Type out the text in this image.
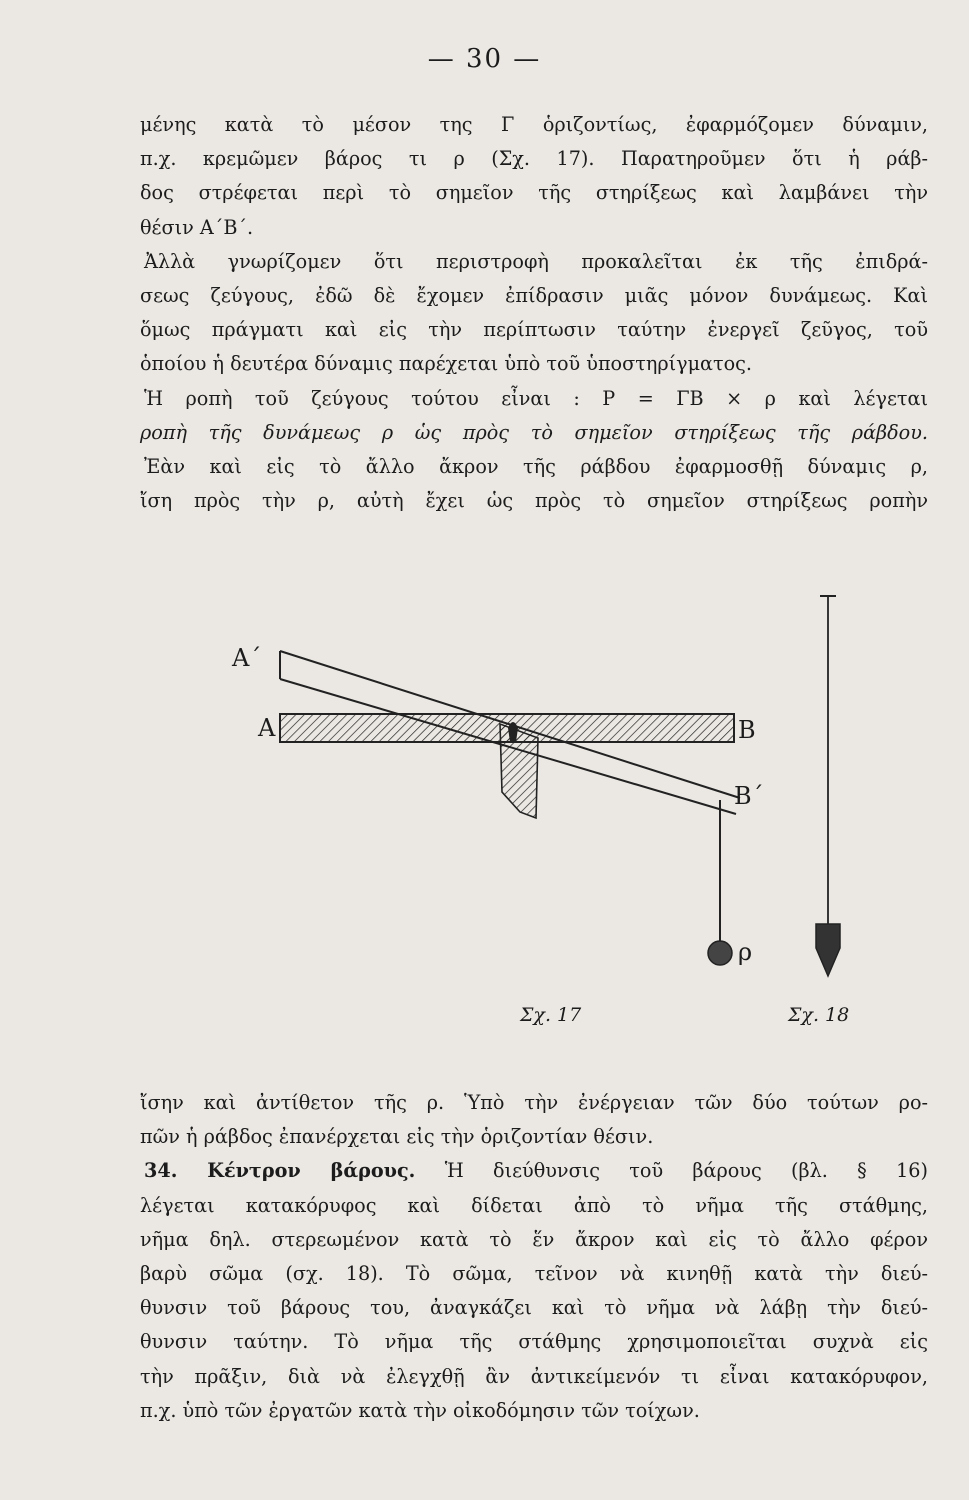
— 30 —
μένης κατὰ τὸ μέσον της Γ ὁριζοντίως, ἐφαρμόζομεν δύναμιν,
π.χ. κρεμῶμεν βάρος τι ρ (Σχ. 17). Παρατηροῦμεν ὅτι ἡ ράβ-
δος στρέφεται περὶ τὸ σημεῖον τῆς στηρίξεως καὶ λαμβάνει τὴν
θέσιν Α΄Β΄.
Ἀλλὰ γνωρίζομεν ὅτι περιστροφὴ προκαλεῖται ἐκ τῆς ἐπιδρά-
σεως ζεύγους, ἐδῶ δὲ ἔχομεν ἐπίδρασιν μιᾶς μόνον δυνάμεως. Καὶ
ὅμως πράγματι καὶ εἰς τὴν περίπτωσιν ταύτην ἐνεργεῖ ζεῦγος, τοῦ
ὁποίου ἡ δευτέρα δύναμις παρέχεται ὑπὸ τοῦ ὑποστηρίγματος.
Ἡ ροπὴ τοῦ ζεύγους τούτου εἶναι : Ρ = ΓΒ × ρ καὶ λέγεται
ροπὴ τῆς δυνάμεως ρ ὡς πρὸς τὸ σημεῖον στηρίξεως τῆς ράβδου.
Ἐὰν καὶ εἰς τὸ ἄλλο ἄκρον τῆς ράβδου ἐφαρμοσθῇ δύναμις ρ,
ἴση πρὸς τὴν ρ, αὐτὴ ἔχει ὡς πρὸς τὸ σημεῖον στηρίξεως ροπὴν
Α΄
Α	Β
Β΄
ρ
Σχ. 17	Σχ. 18
ἴσην καὶ ἀντίθετον τῆς ρ. Ὑπὸ τὴν ἐνέργειαν τῶν δύο τούτων ρο-
πῶν ἡ ράβδος ἐπανέρχεται εἰς τὴν ὁριζοντίαν θέσιν.
34. Κέντρον βάρους. Ἡ διεύθυνσις τοῦ βάρους (βλ. § 16)
λέγεται κατακόρυφος καὶ δίδεται ἀπὸ τὸ νῆμα τῆς στάθμης,
νῆμα δηλ. στερεωμένον κατὰ τὸ ἕν ἄκρον καὶ εἰς τὸ ἄλλο φέρον
βαρὺ σῶμα (σχ. 18). Τὸ σῶμα, τεῖνον νὰ κινηθῇ κατὰ τὴν διεύ-
θυνσιν τοῦ βάρους του, ἀναγκάζει καὶ τὸ νῆμα νὰ λάβῃ τὴν διεύ-
θυνσιν ταύτην. Τὸ νῆμα τῆς στάθμης χρησιμοποιεῖται συχνὰ εἰς
τὴν πρᾶξιν, διὰ νὰ ἐλεγχθῇ ἂν ἀντικείμενόν τι εἶναι κατακόρυφον,
π.χ. ὑπὸ τῶν ἐργατῶν κατὰ τὴν οἰκοδόμησιν τῶν τοίχων.
